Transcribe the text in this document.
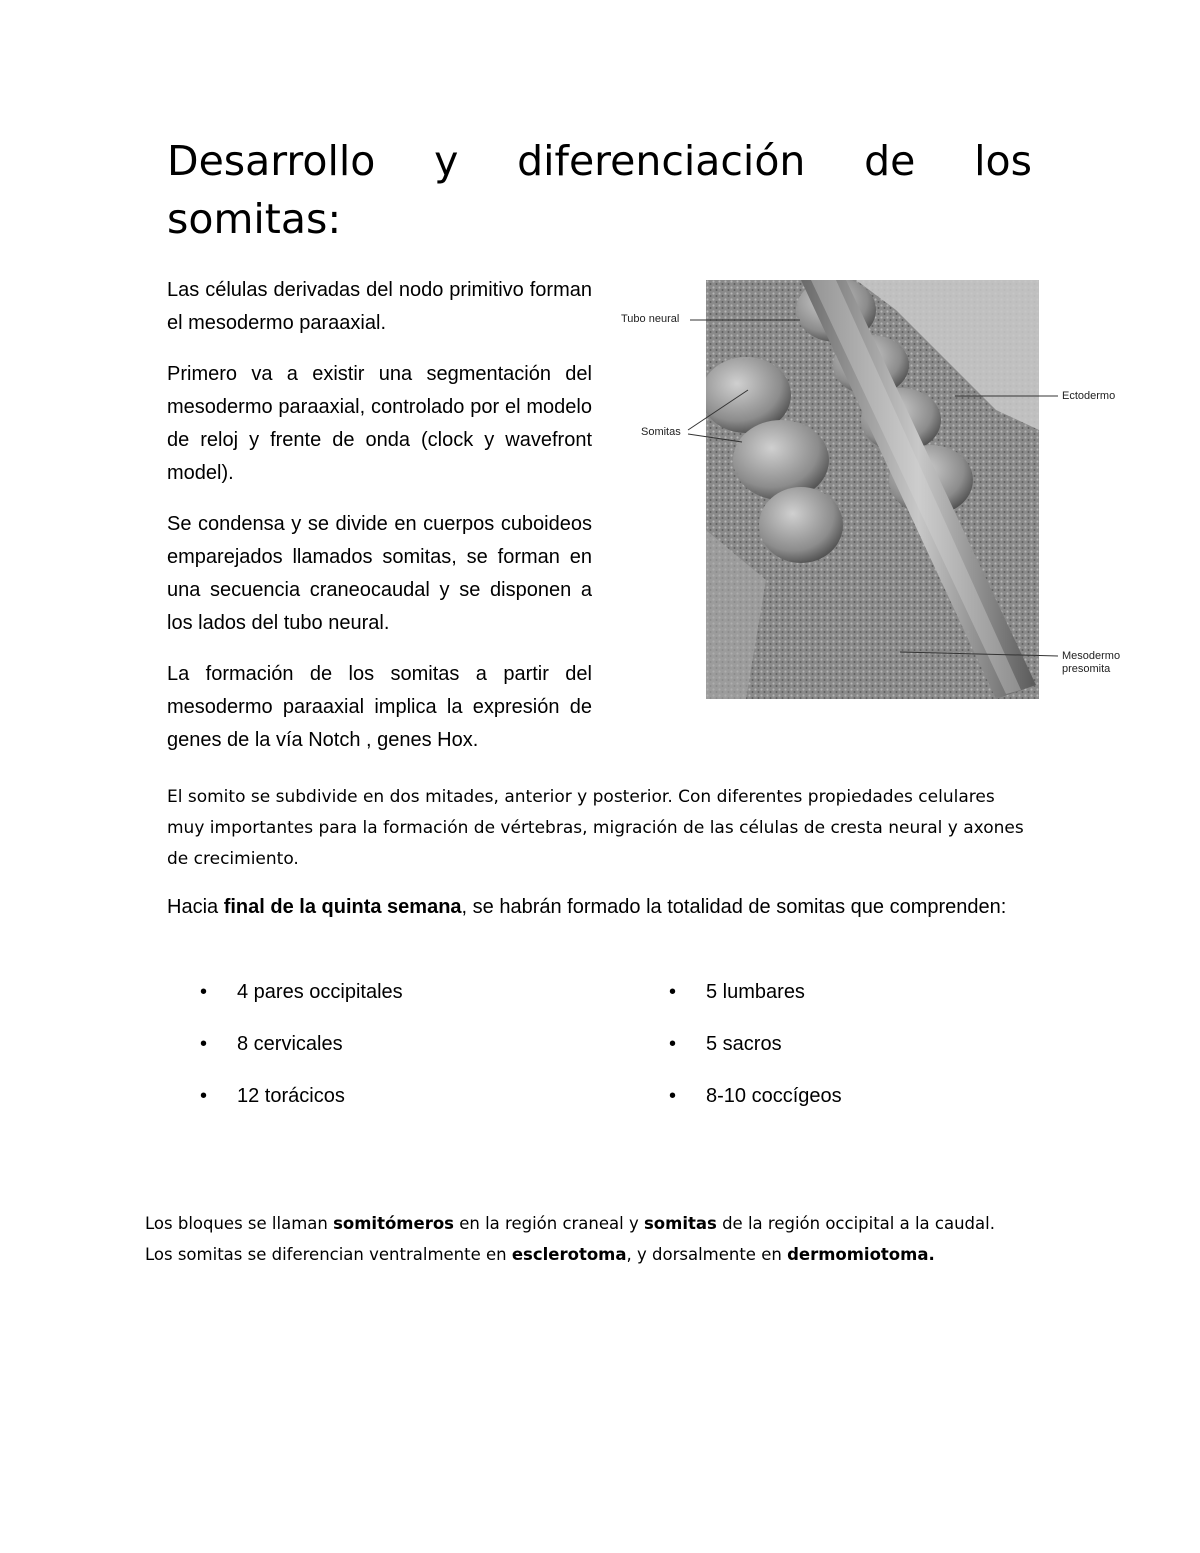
Desarrollo y diferenciación de los
somitas:

Las células derivadas del nodo primitivo forman el mesodermo paraaxial.

Primero va a existir una segmentación del mesodermo paraaxial, controlado por el modelo de reloj y frente de onda (clock y wavefront model).

Se condensa y se divide en cuerpos cuboideos emparejados llamados somitas, se forman en una secuencia craneocaudal y se disponen a los lados del tubo neural.

La formación de los somitas a partir del mesodermo paraaxial implica la expresión de genes de la vía Notch , genes Hox.

Tubo neural
Somitas
Ectodermo
Mesodermo
presomita

El somito se subdivide en dos mitades, anterior y posterior. Con diferentes propiedades celulares muy importantes para la formación de vértebras, migración de las células de cresta neural y axones de crecimiento.

Hacia final de la quinta semana, se habrán formado la totalidad de somitas que comprenden:

• 4 pares occipitales
• 8 cervicales
• 12 torácicos
• 5 lumbares
• 5 sacros
• 8-10 coccígeos

Los bloques se llaman somitómeros en la región craneal y somitas de la región occipital a la caudal.
Los somitas se diferencian ventralmente en esclerotoma, y dorsalmente en dermomiotoma.
